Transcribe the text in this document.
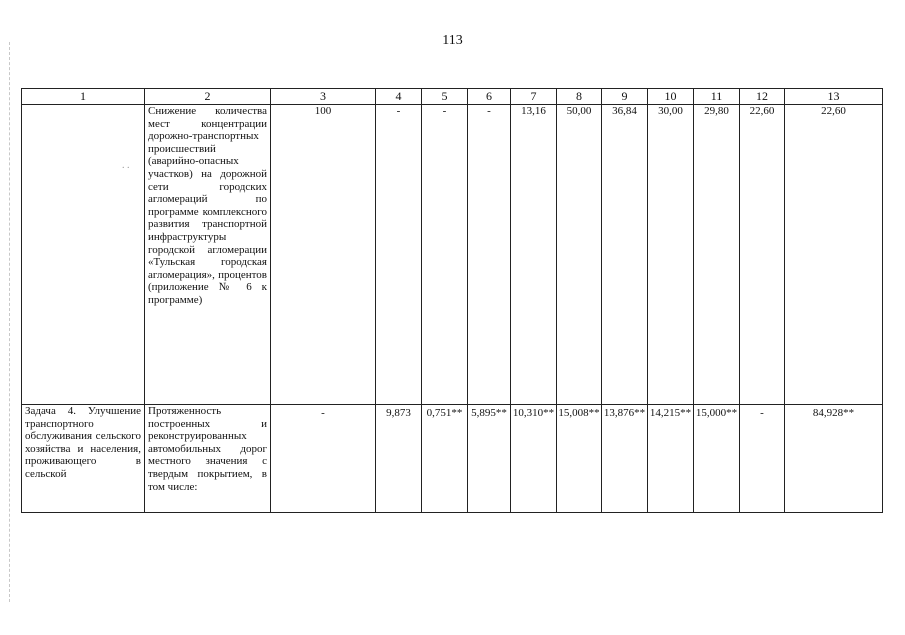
113
. .
1	2	3	4	5	6	7	8	9	10	11	12	13
	Снижение количества мест концентрации дорожно-транспортных происшествий (аварийно-опасных участков) на дорожной сети городских агломераций по программе комплексного развития транспортной инфраструктуры городской агломерации «Тульская городская агломерация», процентов (приложение № 6 к программе)	100	-	-	-	13,16	50,00	36,84	30,00	29,80	22,60	22,60
Задача 4. Улучшение транспортного обслуживания сельского хозяйства и населения, проживающего в сельской	Протяженность построенных и реконструированных автомобильных дорог местного значения с твердым покрытием, в том числе:	-	9,873	0,751**	5,895**	10,310**	15,008**	13,876**	14,215**	15,000**	-	84,928**
